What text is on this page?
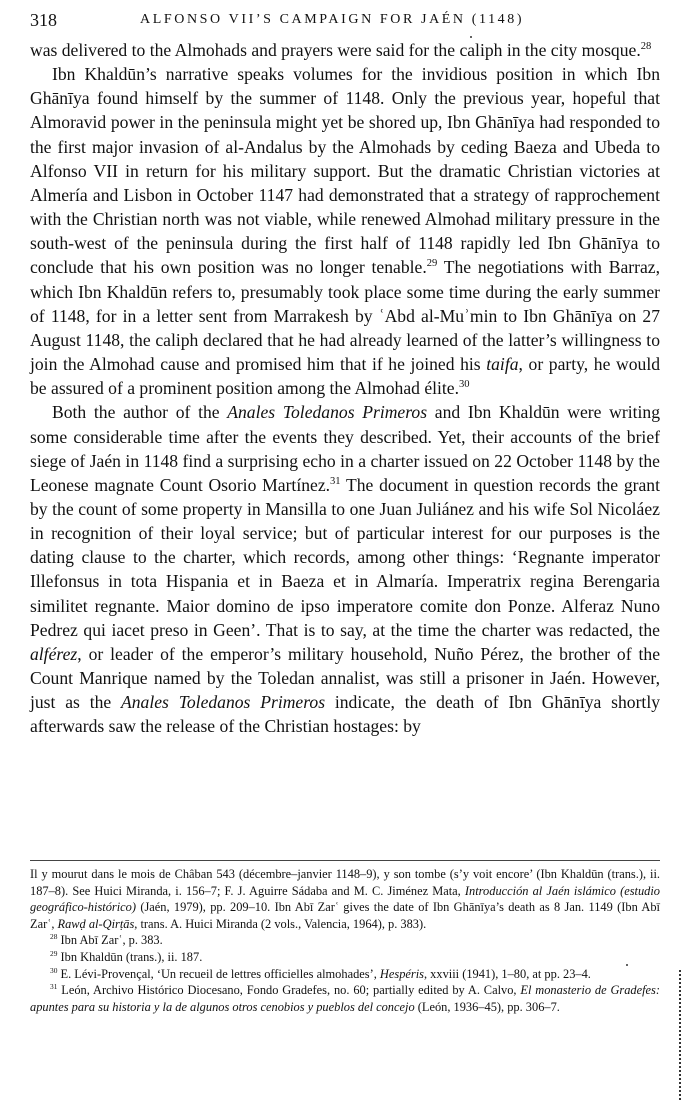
318	ALFONSO VII’S CAMPAIGN FOR JAÉN (1148)

was delivered to the Almohads and prayers were said for the caliph in the city mosque.$^{28}$

Ibn Khaldūn’s narrative speaks volumes for the invidious position in which Ibn Ghānīya found himself by the summer of 1148. Only the previous year, hopeful that Almoravid power in the peninsula might yet be shored up, Ibn Ghānīya had responded to the first major invasion of al-Andalus by the Almohads by ceding Baeza and Ubeda to Alfonso VII in return for his military support. But the dramatic Christian victories at Almería and Lisbon in October 1147 had demonstrated that a strategy of rapprochement with the Christian north was not viable, while renewed Almohad military pressure in the south-west of the peninsula during the first half of 1148 rapidly led Ibn Ghānīya to conclude that his own position was no longer tenable.$^{29}$ The negotiations with Barraz, which Ibn Khaldūn refers to, presumably took place some time during the early summer of 1148, for in a letter sent from Marrakesh by ʿAbd al-Muʾmin to Ibn Ghānīya on 27 August 1148, the caliph declared that he had already learned of the latter’s willingness to join the Almohad cause and promised him that if he joined his taifa, or party, he would be assured of a prominent position among the Almohad élite.$^{30}$

Both the author of the Anales Toledanos Primeros and Ibn Khaldūn were writing some considerable time after the events they described. Yet, their accounts of the brief siege of Jaén in 1148 find a surprising echo in a charter issued on 22 October 1148 by the Leonese magnate Count Osorio Martínez.$^{31}$ The document in question records the grant by the count of some property in Mansilla to one Juan Juliánez and his wife Sol Nicoláez in recognition of their loyal service; but of particular interest for our purposes is the dating clause to the charter, which records, among other things: ‘Regnante imperator Illefonsus in tota Hispania et in Baeza et in Almaría. Imperatrix regina Berengaria similitet regnante. Maior domino de ipso imperatore comite don Ponze. Alferaz Nuno Pedrez qui iacet preso in Geen’. That is to say, at the time the charter was redacted, the alférez, or leader of the emperor’s military household, Nuño Pérez, the brother of the Count Manrique named by the Toledan annalist, was still a prisoner in Jaén. However, just as the Anales Toledanos Primeros indicate, the death of Ibn Ghānīya shortly afterwards saw the release of the Christian hostages: by

Il y mourut dans le mois de Châban 543 (décembre–janvier 1148–9), y son tombe (s’y voit encore’ (Ibn Khaldūn (trans.), ii. 187–8). See Huici Miranda, i. 156–7; F. J. Aguirre Sádaba and M. C. Jiménez Mata, Introducción al Jaén islámico (estudio geográfico-histórico) (Jaén, 1979), pp. 209–10. Ibn Abī Zarʿ gives the date of Ibn Ghānīya’s death as 8 Jan. 1149 (Ibn Abī Zarʿ, Rawḍ al-Qirṭās, trans. A. Huici Miranda (2 vols., Valencia, 1964), p. 383).

$^{28}$ Ibn Abī Zarʿ, p. 383.

$^{29}$ Ibn Khaldūn (trans.), ii. 187.

$^{30}$ E. Lévi-Provençal, ‘Un recueil de lettres officielles almohades’, Hespéris, xxviii (1941), 1–80, at pp. 23–4.

$^{31}$ León, Archivo Histórico Diocesano, Fondo Gradefes, no. 60; partially edited by A. Calvo, El monasterio de Gradefes: apuntes para su historia y la de algunos otros cenobios y pueblos del concejo (León, 1936–45), pp. 306–7.
